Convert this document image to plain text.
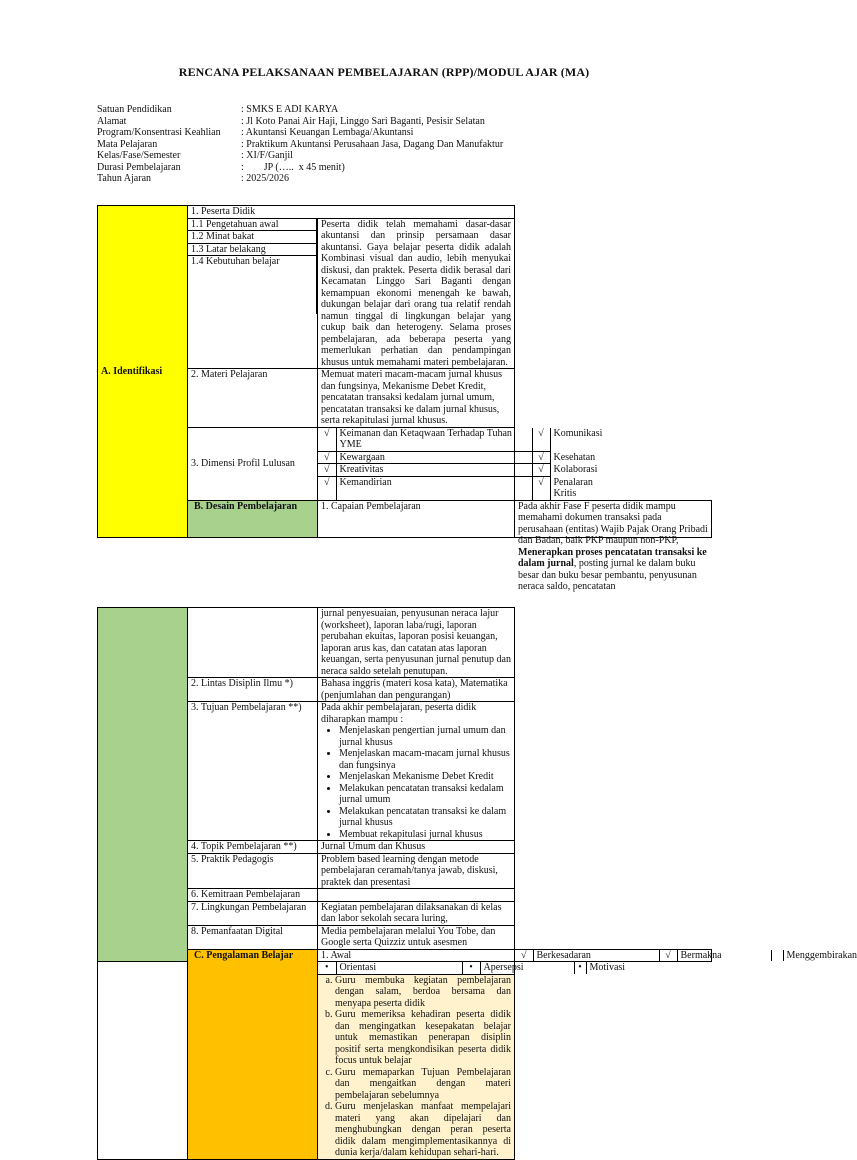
RENCANA PELAKSANAAN PEMBELAJARAN (RPP)/MODUL AJAR (MA)
Satuan Pendidikan	: SMKS E ADI KARYA
Alamat	: Jl Koto Panai Air Haji, Linggo Sari Baganti, Pesisir Selatan
Program/Konsentrasi Keahlian	: Akuntansi Keuangan Lembaga/Akuntansi
Mata Pelajaran	: Praktikum Akuntansi Perusahaan Jasa, Dagang Dan Manufaktur
Kelas/Fase/Semester	: XI/F/Ganjil
Durasi Pembelajaran	:        JP (…..  x 45 menit)
Tahun Ajaran	: 2025/2026
A. Identifikasi	1. Peserta Didik

1.1 Pengetahuan awal
1.2 Minat bakat
1.3 Latar belakang
1.4 Kebutuhan belajar
	Peserta didik telah memahami dasar-dasar akuntansi dan prinsip persamaan dasar akuntansi. Gaya belajar peserta didik adalah Kombinasi visual dan audio, lebih menyukai diskusi, dan praktek. Peserta didik berasal dari Kecamatan Linggo Sari Baganti dengan kemampuan ekonomi menengah ke bawah, dukungan belajar dari orang tua relatif rendah namun tinggal di lingkungan belajar yang cukup baik dan heterogeny. Selama proses pembelajaran, ada beberapa peserta yang memerlukan perhatian dan pendampingan khusus untuk memahami materi pembelajaran.
2. Materi Pelajaran	Memuat materi macam-macam jurnal khusus dan fungsinya, Mekanisme Debet Kredit, pencatatan transaksi kedalam jurnal umum, pencatatan transaksi ke dalam jurnal khusus, serta rekapitulasi jurnal khusus.
3. Dimensi Profil Lulusan	
√	Keimanan dan Ketaqwaan Terhadap Tuhan YME	√	Komunikasi
√	Kewargaan	√	Kesehatan
√	Kreativitas	√	Kolaborasi
√	Kemandirian	√	Penalaran Kritis

B. Desain Pembelajaran	1. Capaian Pembelajaran	Pada akhir Fase F peserta didik mampu memahami dokumen transaksi pada perusahaan (entitas) Wajib Pajak Orang Pribadi dan Badan, baik PKP maupun non-PKP, Menerapkan proses pencatatan transaksi ke dalam jurnal, posting jurnal ke dalam buku besar dan buku besar pembantu, penyusunan neraca saldo, pencatatan
		jurnal penyesuaian, penyusunan neraca lajur (worksheet), laporan laba/rugi, laporan perubahan ekuitas, laporan posisi keuangan, laporan arus kas, dan catatan atas laporan keuangan, serta penyusunan jurnal penutup dan neraca saldo setelah penutupan.
2. Lintas Disiplin Ilmu *)	Bahasa inggris (materi kosa kata), Matematika (penjumlahan dan pengurangan)
3. Tujuan Pembelajaran **)	Pada akhir pembelajaran, peserta didik diharapkan mampu :
• Menjelaskan pengertian jurnal umum dan jurnal khusus
• Menjelaskan macam-macam jurnal khusus dan fungsinya
• Menjelaskan Mekanisme Debet Kredit
• Melakukan pencatatan transaksi kedalam jurnal umum
• Melakukan pencatatan transaksi ke dalam jurnal khusus
• Membuat rekapitulasi jurnal khusus

4. Topik Pembelajaran **)	Jurnal Umum dan Khusus
5. Praktik Pedagogis	Problem based learning dengan metode pembelajaran ceramah/tanya jawab, diskusi, praktek dan presentasi
6. Kemitraan Pembelajaran	
7. Lingkungan Pembelajaran	Kegiatan pembelajaran dilaksanakan di kelas dan labor sekolah secara luring,
8. Pemanfaatan Digital	Media pembelajaran melalui You Tobe, dan Google serta Quizziz untuk asesmen
C. Pengalaman Belajar	1. Awal		√	Berkesadaran	√	Bermakna		Menggembirakan

•	Orientasi	•	Apersepsi	•	Motivasi

a. Guru membuka kegiatan pembelajaran dengan salam, berdoa bersama dan menyapa peserta didik
b. Guru memeriksa kehadiran peserta didik dan mengingatkan kesepakatan belajar untuk memastikan penerapan disiplin positif serta mengkondisikan peserta didik focus untuk belajar
c. Guru memaparkan Tujuan Pembelajaran dan mengaitkan dengan materi pembelajaran sebelumnya
d. Guru menjelaskan manfaat mempelajari materi yang akan dipelajari dan menghubungkan dengan peran peserta didik dalam mengimplementasikannya di dunia kerja/dalam kehidupan sehari-hari.
